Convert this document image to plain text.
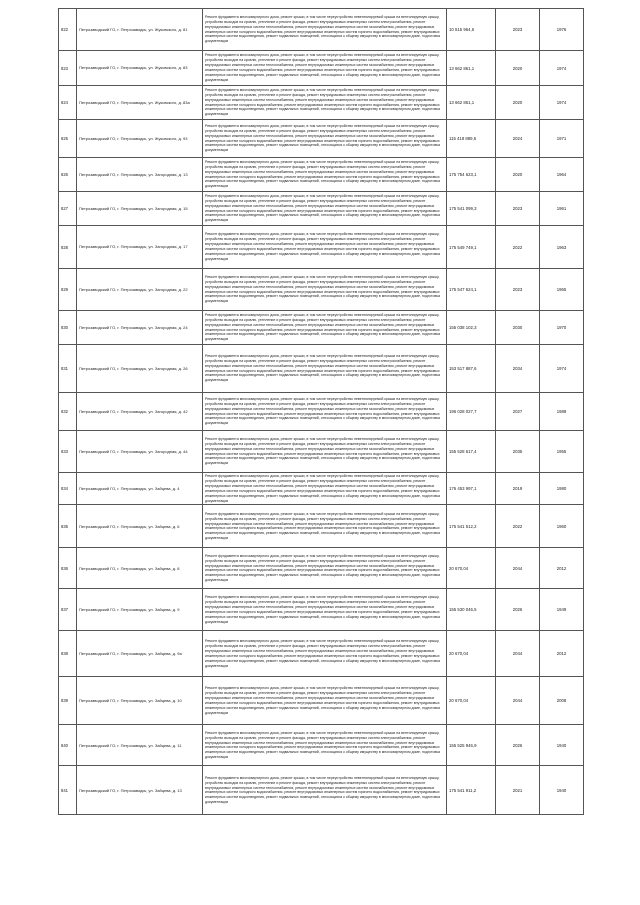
822	Петрозаводский ГО, г. Петрозаводск, ул. Жуковского, д. 81	Ремонт фундамента многоквартирного дома, ремонт крыши, в том числе переустройство невентилируемой крыши на вентилируемую крышу, устройство выходов на кровлю, утепление и ремонт фасада, ремонт внутридомовых инженерных систем электроснабжения, ремонт внутридомовых инженерных систем теплоснабжения, ремонт внутридомовых инженерных систем газоснабжения, ремонт внутридомовых инженерных систем холодного водоснабжения, ремонт внутридомовых инженерных систем горячего водоснабжения, ремонт внутридомовых инженерных систем водоотведения, ремонт подвальных помещений, относящихся к общему имуществу в многоквартирном доме, подготовка документации	10 515 964,6	2023	1976
823	Петрозаводский ГО, г. Петрозаводск, ул. Жуковского, д. 83	Ремонт фундамента многоквартирного дома, ремонт крыши, в том числе переустройство невентилируемой крыши на вентилируемую крышу, устройство выходов на кровлю, утепление и ремонт фасада, ремонт внутридомовых инженерных систем электроснабжения, ремонт внутридомовых инженерных систем теплоснабжения, ремонт внутридомовых инженерных систем газоснабжения, ремонт внутридомовых инженерных систем холодного водоснабжения, ремонт внутридомовых инженерных систем горячего водоснабжения, ремонт внутридомовых инженерных систем водоотведения, ремонт подвальных помещений, относящихся к общему имуществу в многоквартирном доме, подготовка документации	13 662 861,1	2020	1974
824	Петрозаводский ГО, г. Петрозаводск, ул. Жуковского, д. 83а	Ремонт фундамента многоквартирного дома, ремонт крыши, в том числе переустройство невентилируемой крыши на вентилируемую крышу, устройство выходов на кровлю, утепление и ремонт фасада, ремонт внутридомовых инженерных систем электроснабжения, ремонт внутридомовых инженерных систем теплоснабжения, ремонт внутридомовых инженерных систем газоснабжения, ремонт внутридомовых инженерных систем холодного водоснабжения, ремонт внутридомовых инженерных систем горячего водоснабжения, ремонт внутридомовых инженерных систем водоотведения, ремонт подвальных помещений, относящихся к общему имуществу в многоквартирном доме, подготовка документации	13 662 861,1	2020	1974
825	Петрозаводский ГО, г. Петрозаводск, ул. Жуковского, д. 93	Ремонт фундамента многоквартирного дома, ремонт крыши, в том числе переустройство невентилируемой крыши на вентилируемую крышу, устройство выходов на кровлю, утепление и ремонт фасада, ремонт внутридомовых инженерных систем электроснабжения, ремонт внутридомовых инженерных систем теплоснабжения, ремонт внутридомовых инженерных систем газоснабжения, ремонт внутридомовых инженерных систем холодного водоснабжения, ремонт внутридомовых инженерных систем горячего водоснабжения, ремонт внутридомовых инженерных систем водоотведения, ремонт подвальных помещений, относящихся к общему имуществу в многоквартирном доме, подготовка документации	115 418 889,6	2024	1971
826	Петрозаводский ГО, г. Петрозаводск, ул. Загородная, д. 13	Ремонт фундамента многоквартирного дома, ремонт крыши, в том числе переустройство невентилируемой крыши на вентилируемую крышу, устройство выходов на кровлю, утепление и ремонт фасада, ремонт внутридомовых инженерных систем электроснабжения, ремонт внутридомовых инженерных систем теплоснабжения, ремонт внутридомовых инженерных систем газоснабжения, ремонт внутридомовых инженерных систем холодного водоснабжения, ремонт внутридомовых инженерных систем горячего водоснабжения, ремонт внутридомовых инженерных систем водоотведения, ремонт подвальных помещений, относящихся к общему имуществу в многоквартирном доме, подготовка документации	175 754 623,1	2020	1964
827	Петрозаводский ГО, г. Петрозаводск, ул. Загородная, д. 15	Ремонт фундамента многоквартирного дома, ремонт крыши, в том числе переустройство невентилируемой крыши на вентилируемую крышу, устройство выходов на кровлю, утепление и ремонт фасада, ремонт внутридомовых инженерных систем электроснабжения, ремонт внутридомовых инженерных систем теплоснабжения, ремонт внутридомовых инженерных систем газоснабжения, ремонт внутридомовых инженерных систем холодного водоснабжения, ремонт внутридомовых инженерных систем горячего водоснабжения, ремонт внутридомовых инженерных систем водоотведения, ремонт подвальных помещений, относящихся к общему имуществу в многоквартирном доме, подготовка документации	175 541 099,3	2023	1961
828	Петрозаводский ГО, г. Петрозаводск, ул. Загородная, д. 17	Ремонт фундамента многоквартирного дома, ремонт крыши, в том числе переустройство невентилируемой крыши на вентилируемую крышу, устройство выходов на кровлю, утепление и ремонт фасада, ремонт внутридомовых инженерных систем электроснабжения, ремонт внутридомовых инженерных систем теплоснабжения, ремонт внутридомовых инженерных систем газоснабжения, ремонт внутридомовых инженерных систем холодного водоснабжения, ремонт внутридомовых инженерных систем горячего водоснабжения, ремонт внутридомовых инженерных систем водоотведения, ремонт подвальных помещений, относящихся к общему имуществу в многоквартирном доме, подготовка документации	175 549 749,1	2022	1963
829	Петрозаводский ГО, г. Петрозаводск, ул. Загородная, д. 22	Ремонт фундамента многоквартирного дома, ремонт крыши, в том числе переустройство невентилируемой крыши на вентилируемую крышу, устройство выходов на кровлю, утепление и ремонт фасада, ремонт внутридомовых инженерных систем электроснабжения, ремонт внутридомовых инженерных систем теплоснабжения, ремонт внутридомовых инженерных систем газоснабжения, ремонт внутридомовых инженерных систем холодного водоснабжения, ремонт внутридомовых инженерных систем горячего водоснабжения, ремонт внутридомовых инженерных систем водоотведения, ремонт подвальных помещений, относящихся к общему имуществу в многоквартирном доме, подготовка документации	175 547 624,1	2023	1965
830	Петрозаводский ГО, г. Петрозаводск, ул. Загородная, д. 24	Ремонт фундамента многоквартирного дома, ремонт крыши, в том числе переустройство невентилируемой крыши на вентилируемую крышу, устройство выходов на кровлю, утепление и ремонт фасада, ремонт внутридомовых инженерных систем электроснабжения, ремонт внутридомовых инженерных систем теплоснабжения, ремонт внутридомовых инженерных систем газоснабжения, ремонт внутридомовых инженерных систем холодного водоснабжения, ремонт внутридомовых инженерных систем горячего водоснабжения, ремонт внутридомовых инженерных систем водоотведения, ремонт подвальных помещений, относящихся к общему имуществу в многоквартирном доме, подготовка документации	155 038 102,3	2030	1970
831	Петрозаводский ГО, г. Петрозаводск, ул. Загородная, д. 26	Ремонт фундамента многоквартирного дома, ремонт крыши, в том числе переустройство невентилируемой крыши на вентилируемую крышу, устройство выходов на кровлю, утепление и ремонт фасада, ремонт внутридомовых инженерных систем электроснабжения, ремонт внутридомовых инженерных систем теплоснабжения, ремонт внутридомовых инженерных систем газоснабжения, ремонт внутридомовых инженерных систем холодного водоснабжения, ремонт внутридомовых инженерных систем горячего водоснабжения, ремонт внутридомовых инженерных систем водоотведения, ремонт подвальных помещений, относящихся к общему имуществу в многоквартирном доме, подготовка документации	153 517 887,6	2034	1974
832	Петрозаводский ГО, г. Петрозаводск, ул. Загородная, д. 42	Ремонт фундамента многоквартирного дома, ремонт крыши, в том числе переустройство невентилируемой крыши на вентилируемую крышу, устройство выходов на кровлю, утепление и ремонт фасада, ремонт внутридомовых инженерных систем электроснабжения, ремонт внутридомовых инженерных систем теплоснабжения, ремонт внутридомовых инженерных систем газоснабжения, ремонт внутридомовых инженерных систем холодного водоснабжения, ремонт внутридомовых инженерных систем горячего водоснабжения, ремонт внутридомовых инженерных систем водоотведения, ремонт подвальных помещений, относящихся к общему имуществу в многоквартирном доме, подготовка документации	196 028 027,7	2027	1989
833	Петрозаводский ГО, г. Петрозаводск, ул. Загородная, д. 44	Ремонт фундамента многоквартирного дома, ремонт крыши, в том числе переустройство невентилируемой крыши на вентилируемую крышу, устройство выходов на кровлю, утепление и ремонт фасада, ремонт внутридомовых инженерных систем электроснабжения, ремонт внутридомовых инженерных систем теплоснабжения, ремонт внутридомовых инженерных систем газоснабжения, ремонт внутридомовых инженерных систем холодного водоснабжения, ремонт внутридомовых инженерных систем горячего водоснабжения, ремонт внутридомовых инженерных систем водоотведения, ремонт подвальных помещений, относящихся к общему имуществу в многоквартирном доме, подготовка документации	155 528 617,4	2035	1955
834	Петрозаводский ГО, г. Петрозаводск, ул. Зайцева, д. 4	Ремонт фундамента многоквартирного дома, ремонт крыши, в том числе переустройство невентилируемой крыши на вентилируемую крышу, устройство выходов на кровлю, утепление и ремонт фасада, ремонт внутридомовых инженерных систем электроснабжения, ремонт внутридомовых инженерных систем теплоснабжения, ремонт внутридомовых инженерных систем газоснабжения, ремонт внутридомовых инженерных систем холодного водоснабжения, ремонт внутридомовых инженерных систем горячего водоснабжения, ремонт внутридомовых инженерных систем водоотведения, ремонт подвальных помещений, относящихся к общему имуществу в многоквартирном доме, подготовка документации	176 453 997,1	2019	1980
835	Петрозаводский ГО, г. Петрозаводск, ул. Зайцева, д. 6	Ремонт фундамента многоквартирного дома, ремонт крыши, в том числе переустройство невентилируемой крыши на вентилируемую крышу, устройство выходов на кровлю, утепление и ремонт фасада, ремонт внутридомовых инженерных систем электроснабжения, ремонт внутридомовых инженерных систем теплоснабжения, ремонт внутридомовых инженерных систем газоснабжения, ремонт внутридомовых инженерных систем холодного водоснабжения, ремонт внутридомовых инженерных систем горячего водоснабжения, ремонт внутридомовых инженерных систем водоотведения, ремонт подвальных помещений, относящихся к общему имуществу в многоквартирном доме, подготовка документации	175 541 512,2	2022	1960
836	Петрозаводский ГО, г. Петрозаводск, ул. Зайцева, д. 8	Ремонт фундамента многоквартирного дома, ремонт крыши, в том числе переустройство невентилируемой крыши на вентилируемую крышу, устройство выходов на кровлю, утепление и ремонт фасада, ремонт внутридомовых инженерных систем электроснабжения, ремонт внутридомовых инженерных систем теплоснабжения, ремонт внутридомовых инженерных систем газоснабжения, ремонт внутридомовых инженерных систем холодного водоснабжения, ремонт внутридомовых инженерных систем горячего водоснабжения, ремонт внутридомовых инженерных систем водоотведения, ремонт подвальных помещений, относящихся к общему имуществу в многоквартирном доме, подготовка документации	20 670,04	2044	2012
837	Петрозаводский ГО, г. Петрозаводск, ул. Зайцева, д. 9	Ремонт фундамента многоквартирного дома, ремонт крыши, в том числе переустройство невентилируемой крыши на вентилируемую крышу, устройство выходов на кровлю, утепление и ремонт фасада, ремонт внутридомовых инженерных систем электроснабжения, ремонт внутридомовых инженерных систем теплоснабжения, ремонт внутридомовых инженерных систем газоснабжения, ремонт внутридомовых инженерных систем холодного водоснабжения, ремонт внутридомовых инженерных систем горячего водоснабжения, ремонт внутридомовых инженерных систем водоотведения, ремонт подвальных помещений, относящихся к общему имуществу в многоквартирном доме, подготовка документации	155 530 046,5	2026	1949
838	Петрозаводский ГО, г. Петрозаводск, ул. Зайцева, д. 9а	Ремонт фундамента многоквартирного дома, ремонт крыши, в том числе переустройство невентилируемой крыши на вентилируемую крышу, устройство выходов на кровлю, утепление и ремонт фасада, ремонт внутридомовых инженерных систем электроснабжения, ремонт внутридомовых инженерных систем теплоснабжения, ремонт внутридомовых инженерных систем газоснабжения, ремонт внутридомовых инженерных систем холодного водоснабжения, ремонт внутридомовых инженерных систем горячего водоснабжения, ремонт внутридомовых инженерных систем водоотведения, ремонт подвальных помещений, относящихся к общему имуществу в многоквартирном доме, подготовка документации	20 670,04	2044	2012
839	Петрозаводский ГО, г. Петрозаводск, ул. Зайцева, д. 10	Ремонт фундамента многоквартирного дома, ремонт крыши, в том числе переустройство невентилируемой крыши на вентилируемую крышу, устройство выходов на кровлю, утепление и ремонт фасада, ремонт внутридомовых инженерных систем электроснабжения, ремонт внутридомовых инженерных систем теплоснабжения, ремонт внутридомовых инженерных систем газоснабжения, ремонт внутридомовых инженерных систем холодного водоснабжения, ремонт внутридомовых инженерных систем горячего водоснабжения, ремонт внутридомовых инженерных систем водоотведения, ремонт подвальных помещений, относящихся к общему имуществу в многоквартирном доме, подготовка документации	20 670,04	2044	2008
840	Петрозаводский ГО, г. Петрозаводск, ул. Зайцева, д. 11	Ремонт фундамента многоквартирного дома, ремонт крыши, в том числе переустройство невентилируемой крыши на вентилируемую крышу, устройство выходов на кровлю, утепление и ремонт фасада, ремонт внутридомовых инженерных систем электроснабжения, ремонт внутридомовых инженерных систем теплоснабжения, ремонт внутридомовых инженерных систем газоснабжения, ремонт внутридомовых инженерных систем холодного водоснабжения, ремонт внутридомовых инженерных систем горячего водоснабжения, ремонт внутридомовых инженерных систем водоотведения, ремонт подвальных помещений, относящихся к общему имуществу в многоквартирном доме, подготовка документации	155 525 946,9	2026	1940
841	Петрозаводский ГО, г. Петрозаводск, ул. Зайцева, д. 13	Ремонт фундамента многоквартирного дома, ремонт крыши, в том числе переустройство невентилируемой крыши на вентилируемую крышу, устройство выходов на кровлю, утепление и ремонт фасада, ремонт внутридомовых инженерных систем электроснабжения, ремонт внутридомовых инженерных систем теплоснабжения, ремонт внутридомовых инженерных систем газоснабжения, ремонт внутридомовых инженерных систем холодного водоснабжения, ремонт внутридомовых инженерных систем горячего водоснабжения, ремонт внутридомовых инженерных систем водоотведения, ремонт подвальных помещений, относящихся к общему имуществу в многоквартирном доме, подготовка документации	175 541 911,2	2021	1940
